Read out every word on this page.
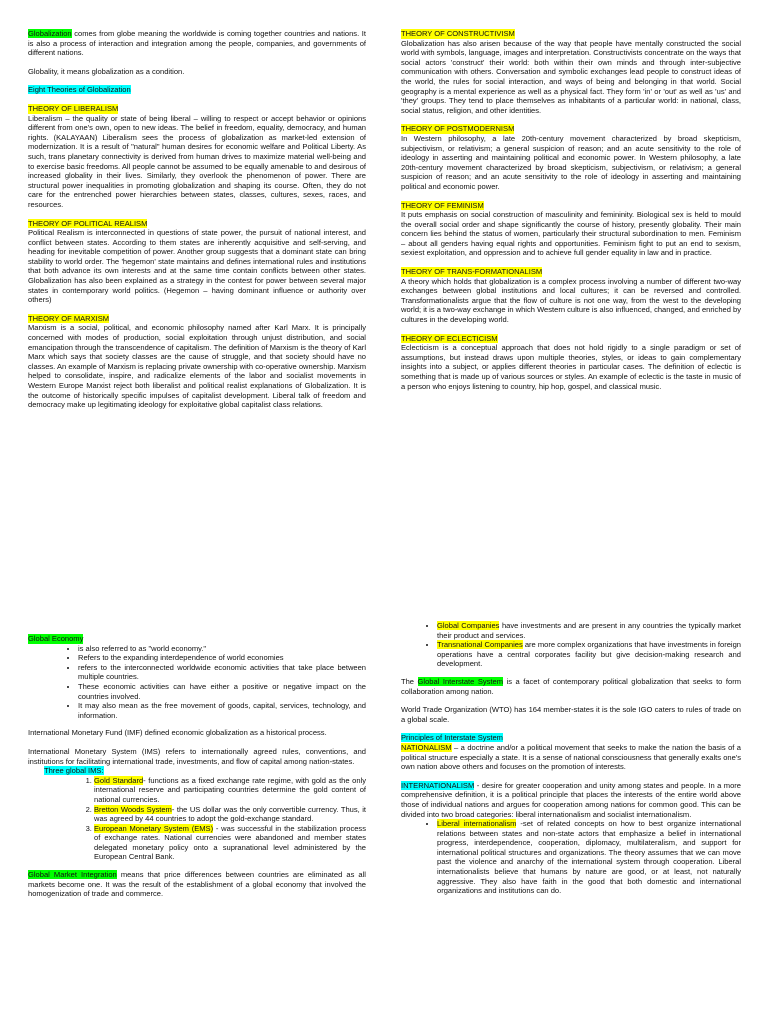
Globalization comes from globe meaning the worldwide is coming together countries and nations. It is also a process of interaction and integration among the people, companies, and governments of different nations.

Globality, it means globalization as a condition.

Eight Theories of Globalization

THEORY OF LIBERALISM
Liberalism – the quality or state of being liberal – willing to respect or accept behavior or opinions different from one's own, open to new ideas. The belief in freedom, equality, democracy, and human rights. (KALAYAAN) Liberalism sees the process of globalization as market-led extension of modernization. It is a result of "natural" human desires for economic welfare and Political Liberty. As such, trans planetary connectivity is derived from human drives to maximize material well-being and to exercise basic freedoms. All people cannot be assumed to be equally amenable to and desirous of increased globality in their lives. Similarly, they overlook the phenomenon of power. There are structural power inequalities in promoting globalization and shaping its course. Often, they do not care for the entrenched power hierarchies between states, classes, cultures, sexes, races, and resources.
THEORY OF POLITICAL REALISM
Political Realism is interconnected in questions of state power, the pursuit of national interest, and conflict between states. According to them states are inherently acquisitive and self-serving, and heading for inevitable competition of power. Another group suggests that a dominant state can bring stability to world order. The 'hegemon' state maintains and defines international rules and institutions that both advance its own interests and at the same time contain conflicts between other states. Globalization has also been explained as a strategy in the contest for power between several major states in contemporary world politics. (Hegemon – having dominant influence or authority over others)
THEORY OF MARXISM
Marxism is a social, political, and economic philosophy named after Karl Marx. It is principally concerned with modes of production, social exploitation through unjust distribution, and social emancipation through the transcendence of capitalism. The definition of Marxism is the theory of Karl Marx which says that society classes are the cause of struggle, and that society should have no classes. An example of Marxism is replacing private ownership with co-operative ownership. Marxism helped to consolidate, inspire, and radicalize elements of the labor and socialist movements in Western Europe Marxist reject both liberalist and political realist explanations of Globalization. It is the outcome of historically specific impulses of capitalist development. Liberal talk of freedom and democracy make up legitimating ideology for exploitative global capitalist class relations.
THEORY OF CONSTRUCTIVISM
Globalization has also arisen because of the way that people have mentally constructed the social world with symbols, language, images and interpretation. Constructivists concentrate on the ways that social actors 'construct' their world: both within their own minds and through inter-subjective communication with others. Conversation and symbolic exchanges lead people to construct ideas of the world, the rules for social interaction, and ways of being and belonging in that world. Social geography is a mental experience as well as a physical fact. They form 'in' or 'out' as well as 'us' and 'they' groups. They tend to place themselves as inhabitants of a particular world: in national, class, social status, religion, and other identities.
THEORY OF POSTMODERNISM
In Western philosophy, a late 20th-century movement characterized by broad skepticism, subjectivism, or relativism; a general suspicion of reason; and an acute sensitivity to the role of ideology in asserting and maintaining political and economic power. In Western philosophy, a late 20th-century movement characterized by broad skepticism, subjectivism, or relativism; a general suspicion of reason; and an acute sensitivity to the role of ideology in asserting and maintaining political and economic power.
THEORY OF FEMINISM
It puts emphasis on social construction of masculinity and femininity. Biological sex is held to mould the overall social order and shape significantly the course of history, presently globality. Their main concern lies behind the status of women, particularly their structural subordination to men. Feminism – about all genders having equal rights and opportunities. Feminism fight to put an end to sexism, sexiest exploitation, and oppression and to achieve full gender equality in law and in practice.
THEORY OF TRANS-FORMATIONALISM
A theory which holds that globalization is a complex process involving a number of different two-way exchanges between global institutions and local cultures; it can be reversed and controlled. Transformationalists argue that the flow of culture is not one way, from the west to the developing world; it is a two-way exchange in which Western culture is also influenced, changed, and enriched by cultures in the developing world.
THEORY OF ECLECTICISM
Eclecticism is a conceptual approach that does not hold rigidly to a single paradigm or set of assumptions, but instead draws upon multiple theories, styles, or ideas to gain complementary insights into a subject, or applies different theories in particular cases. The definition of eclectic is something that is made up of various sources or styles. An example of eclectic is the taste in music of a person who enjoys listening to country, hip hop, gospel, and classical music.
Global Economy
• is also referred to as "world economy."
• Refers to the expanding interdependence of world economies
• refers to the interconnected worldwide economic activities that take place between multiple countries.
• These economic activities can have either a positive or negative impact on the countries involved.
• It may also mean as the free movement of goods, capital, services, technology, and information.

International Monetary Fund (IMF) defined economic globalization as a historical process.

International Monetary System (IMS) refers to internationally agreed rules, conventions, and institutions for facilitating international trade, investments, and flow of capital among nation-states.

Three global IMS:
1. Gold Standard- functions as a fixed exchange rate regime, with gold as the only international reserve and participating countries determine the gold content of national currencies.
2. Bretton Woods System- the US dollar was the only convertible currency. Thus, it was agreed by 44 countries to adopt the gold-exchange standard.
3. European Monetary System (EMS) - was successful in the stabilization process of exchange rates. National currencies were abandoned and member states delegated monetary policy onto a supranational level administered by the European Central Bank.

Global Market Integration means that price differences between countries are eliminated as all markets become one. It was the result of the establishment of a global economy that involved the homogenization of trade and commerce.

• Global Companies have investments and are present in any countries the typically market their product and services.
• Transnational Companies are more complex organizations that have investments in foreign operations have a central corporates facility but give decision-making research and development.

The Global Interstate System is a facet of contemporary political globalization that seeks to form collaboration among nation.

World Trade Organization (WTO) has 164 member-states it is the sole IGO caters to rules of trade on a global scale.

Principles of Interstate System

NATIONALISM – a doctrine and/or a political movement that seeks to make the nation the basis of a political structure especially a state. It is a sense of national consciousness that generally exalts one's own nation above others and focuses on the promotion of interests.

INTERNATIONALISM - desire for greater cooperation and unity among states and people. In a more comprehensive definition, it is a political principle that places the interests of the entire world above those of individual nations and argues for cooperation among nations for common good. This can be divided into two broad categories: liberal internationalism and socialist internationalism.

• Liberal internationalism -set of related concepts on how to best organize international relations between states and non-state actors that emphasize a belief in international progress, interdependence, cooperation, diplomacy, multilateralism, and support for international political structures and organizations. The theory assumes that we can move past the violence and anarchy of the international system through cooperation. Liberal internationalists believe that humans by nature are good, or at least, not naturally aggressive. They also have faith in the good that both domestic and international organizations and institutions can do.
